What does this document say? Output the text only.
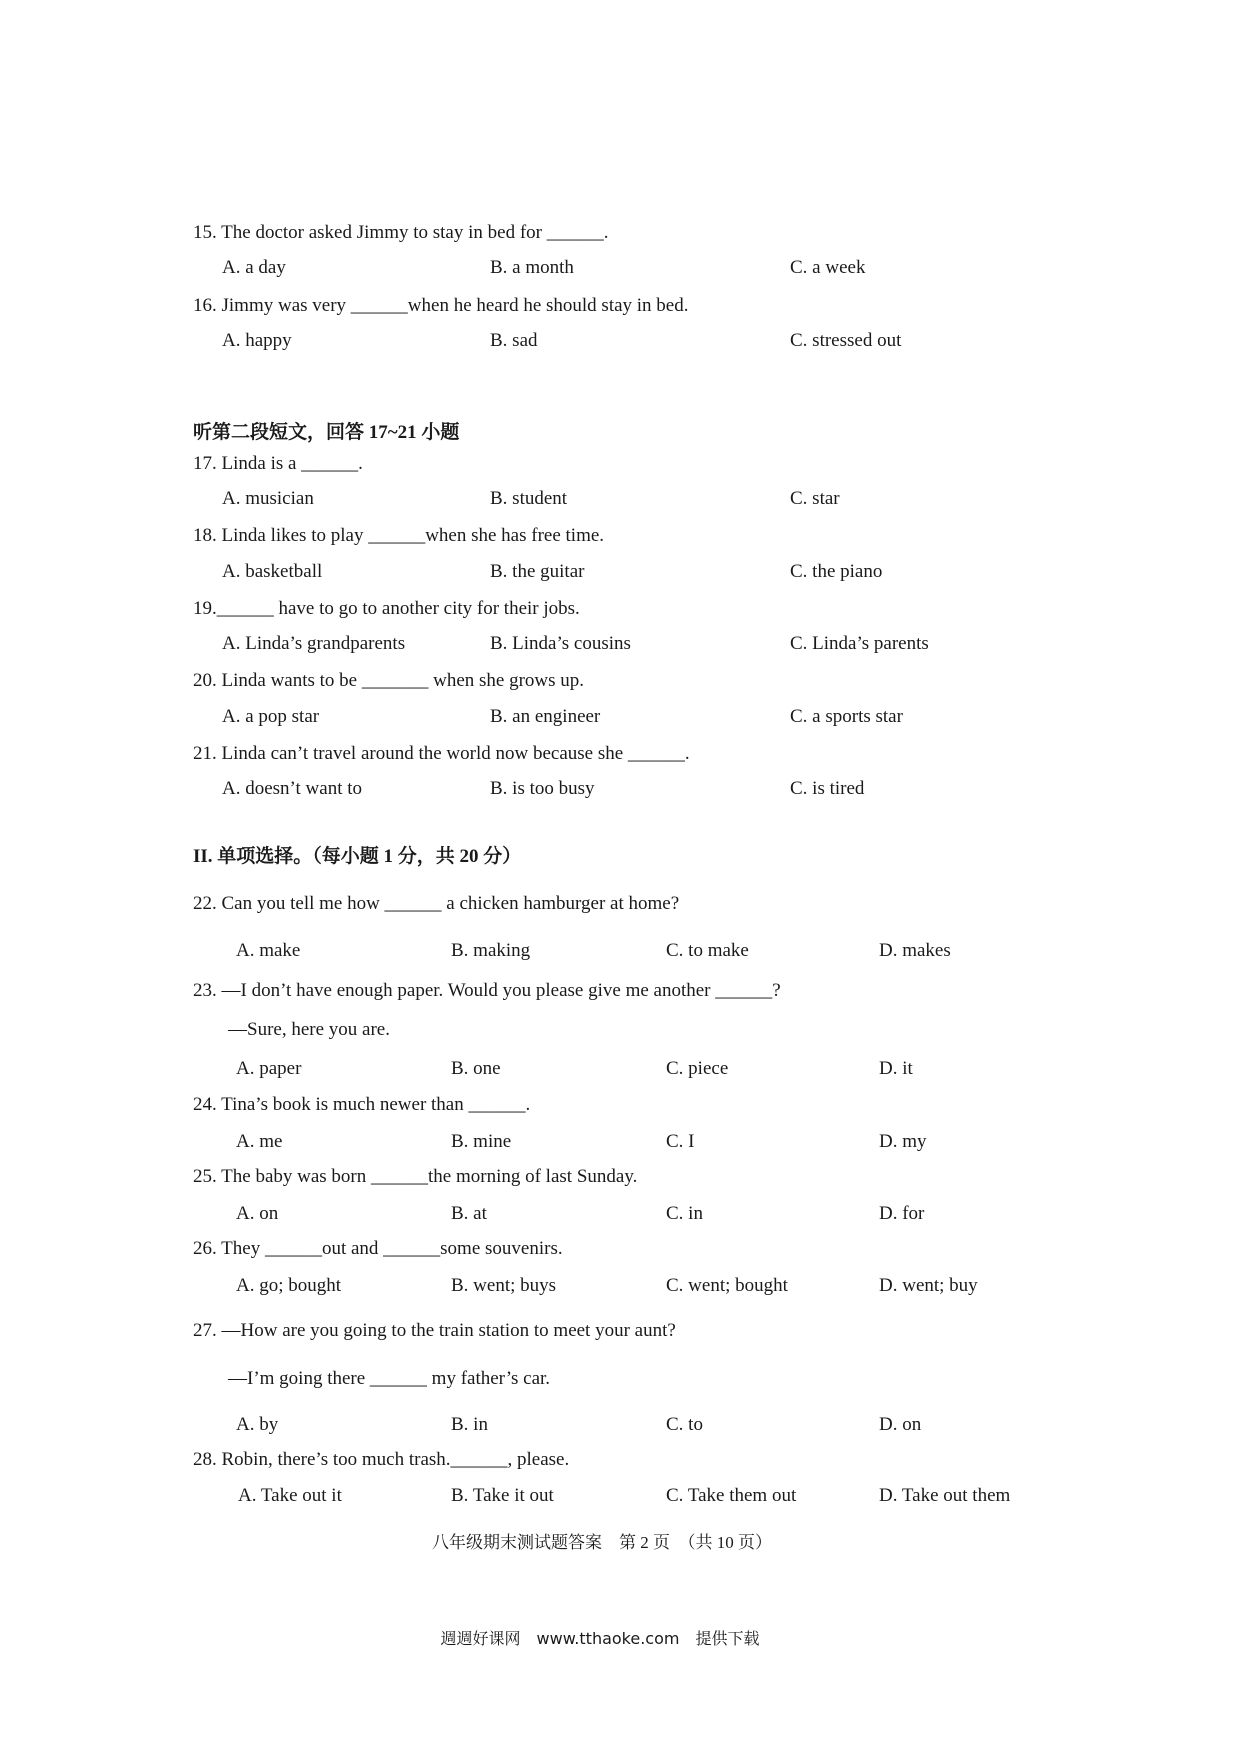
15. The doctor asked Jimmy to stay in bed for ______.
A. a day	B. a month	C. a week
16. Jimmy was very ______when he heard he should stay in bed.
A. happy	B. sad	C. stressed out
听第二段短文，回答 17~21 小题
17. Linda is a ______.
A. musician	B. student	C. star
18. Linda likes to play ______when she has free time.
A. basketball	B. the guitar	C. the piano
19.______ have to go to another city for their jobs.
A. Linda’s grandparents	B. Linda’s cousins	C. Linda’s parents
20. Linda wants to be _______ when she grows up.
A. a pop star	B. an engineer	C. a sports star
21. Linda can’t travel around the world now because she ______.
A. doesn’t want to	B. is too busy	C. is tired
II. 单项选择。（每小题 1 分，共 20 分）
22. Can you tell me how ______ a chicken hamburger at home?
A. make	B. making	C. to make	D. makes
23. —I don’t have enough paper. Would you please give me another ______?
—Sure, here you are.
A. paper	B. one	C. piece	D. it
24. Tina’s book is much newer than ______.
A. me	B. mine	C. I	D. my
25. The baby was born ______the morning of last Sunday.
A. on	B. at	C. in	D. for
26. They ______out and ______some souvenirs.
A. go; bought	B. went; buys	C. went; bought	D. went; buy
27. —How are you going to the train station to meet your aunt?
—I’m going there ______ my father’s car.
A. by	B. in	C. to	D. on
28. Robin, there’s too much trash.______, please.
A. Take out it	B. Take it out	C. Take them out	D. Take out them
八年级期末测试题答案　第 2 页　（共 10 页）
週週好课网　www.tthaoke.com　提供下载
